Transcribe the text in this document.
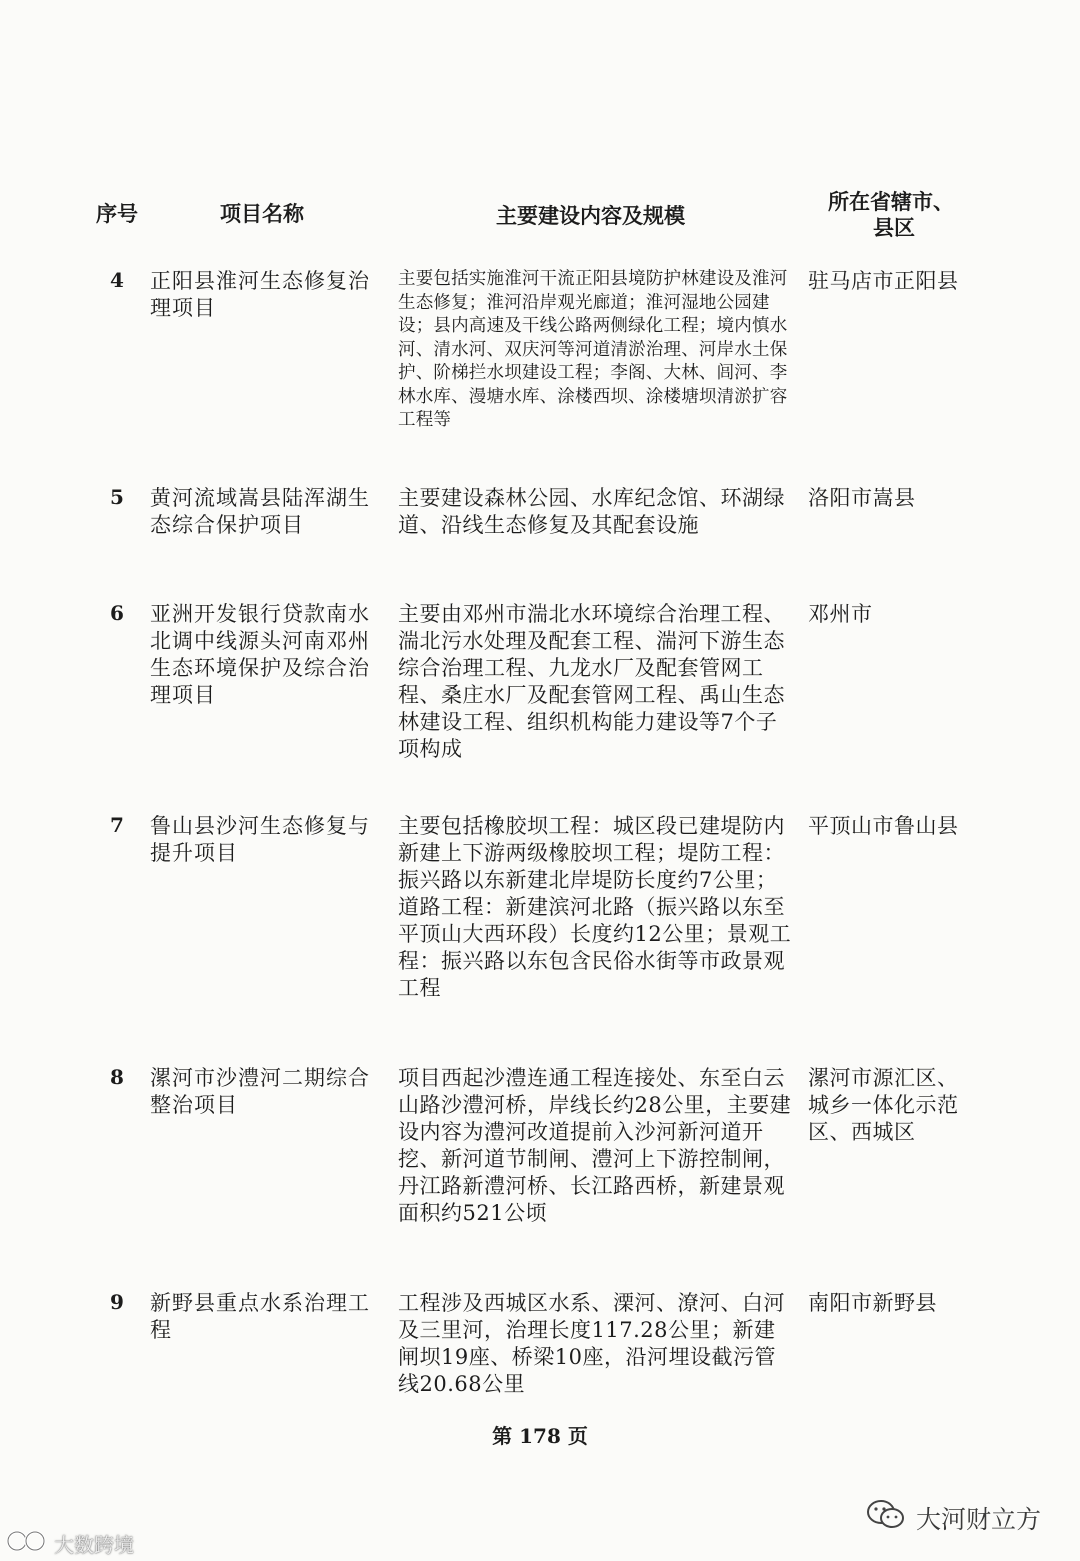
序号	项目名称	主要建设内容及规模
所在省辖市、
县区
4 正阳县淮河生态修复治理项目
主要包括实施淮河干流正阳县境防护林建设及淮河生态修复；淮河沿岸观光廊道；淮河湿地公园建设；县内高速及干线公路两侧绿化工程；境内慎水河、清水河、双庆河等河道清淤治理、河岸水土保护、阶梯拦水坝建设工程；李阁、大林、闾河、李林水库、漫塘水库、涂楼西坝、涂楼塘坝清淤扩容工程等
驻马店市正阳县
5 黄河流域嵩县陆浑湖生态综合保护项目
主要建设森林公园、水库纪念馆、环湖绿道、沿线生态修复及其配套设施
洛阳市嵩县
6 亚洲开发银行贷款南水北调中线源头河南邓州生态环境保护及综合治理项目
主要由邓州市湍北水环境综合治理工程、湍北污水处理及配套工程、湍河下游生态综合治理工程、九龙水厂及配套管网工程、桑庄水厂及配套管网工程、禹山生态林建设工程、组织机构能力建设等7个子项构成
邓州市
7 鲁山县沙河生态修复与提升项目
主要包括橡胶坝工程：城区段已建堤防内新建上下游两级橡胶坝工程；堤防工程：振兴路以东新建北岸堤防长度约7公里；道路工程：新建滨河北路（振兴路以东至平顶山大西环段）长度约12公里；景观工程：振兴路以东包含民俗水街等市政景观工程
平顶山市鲁山县
8 漯河市沙澧河二期综合整治项目
项目西起沙澧连通工程连接处、东至白云山路沙澧河桥，岸线长约28公里，主要建设内容为澧河改道提前入沙河新河道开挖、新河道节制闸、澧河上下游控制闸，丹江路新澧河桥、长江路西桥，新建景观面积约521公顷
漯河市源汇区、城乡一体化示范区、西城区
9 新野县重点水系治理工程
工程涉及西城区水系、溧河、潦河、白河及三里河，治理长度117.28公里；新建闸坝19座、桥梁10座，沿河埋设截污管线20.68公里
南阳市新野县
第 178 页
大数跨境
大河财立方
